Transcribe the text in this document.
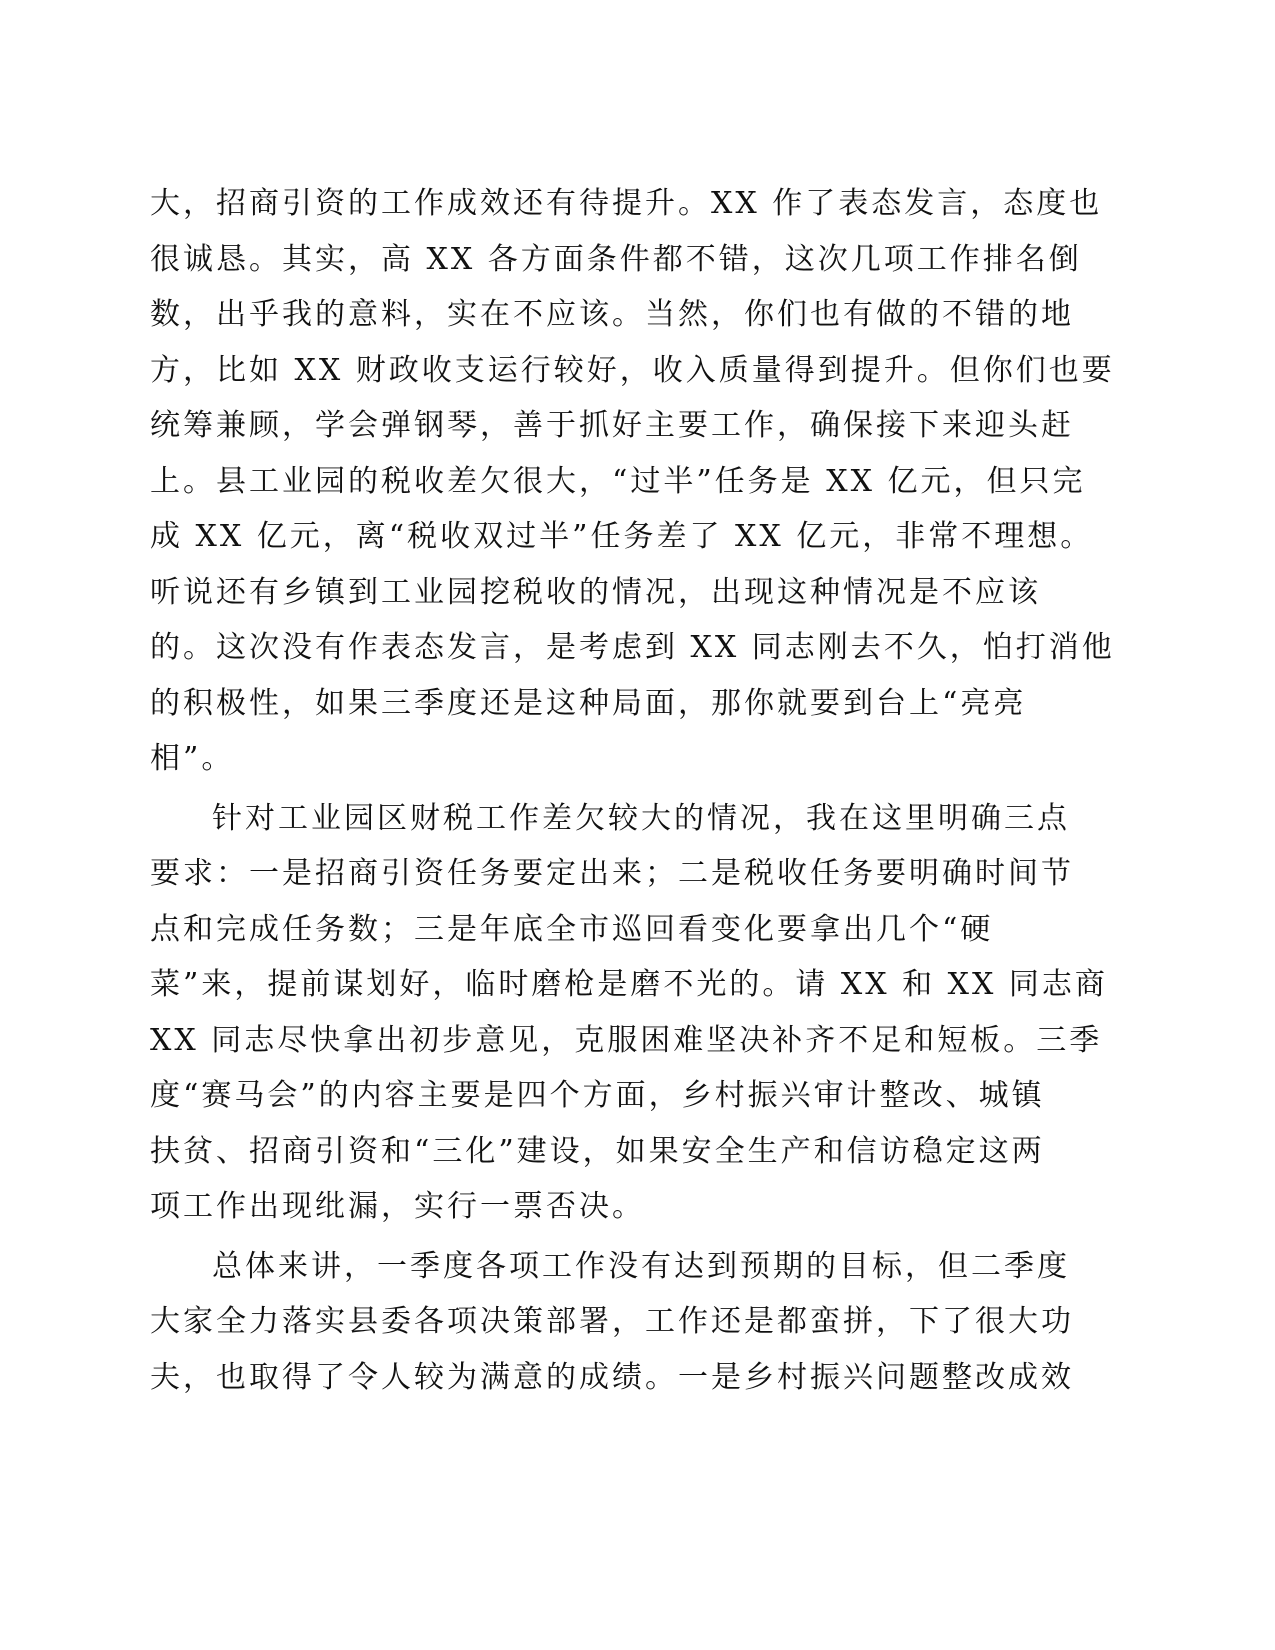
大，招商引资的工作成效还有待提升。XX 作了表态发言，态度也
很诚恳。其实，高 XX 各方面条件都不错，这次几项工作排名倒
数，出乎我的意料，实在不应该。当然，你们也有做的不错的地
方，比如 XX 财政收支运行较好，收入质量得到提升。但你们也要
统筹兼顾，学会弹钢琴，善于抓好主要工作，确保接下来迎头赶
上。县工业园的税收差欠很大，“过半”任务是 XX 亿元，但只完
成 XX 亿元，离“税收双过半”任务差了 XX 亿元，非常不理想。
听说还有乡镇到工业园挖税收的情况，出现这种情况是不应该
的。这次没有作表态发言，是考虑到 XX 同志刚去不久，怕打消他
的积极性，如果三季度还是这种局面，那你就要到台上“亮亮
相”。
针对工业园区财税工作差欠较大的情况，我在这里明确三点
要求：一是招商引资任务要定出来；二是税收任务要明确时间节
点和完成任务数；三是年底全市巡回看变化要拿出几个“硬
菜”来，提前谋划好，临时磨枪是磨不光的。请 XX 和 XX 同志商
XX 同志尽快拿出初步意见，克服困难坚决补齐不足和短板。三季
度“赛马会”的内容主要是四个方面，乡村振兴审计整改、城镇
扶贫、招商引资和“三化”建设，如果安全生产和信访稳定这两
项工作出现纰漏，实行一票否决。
总体来讲，一季度各项工作没有达到预期的目标，但二季度
大家全力落实县委各项决策部署，工作还是都蛮拼，下了很大功
夫，也取得了令人较为满意的成绩。一是乡村振兴问题整改成效
